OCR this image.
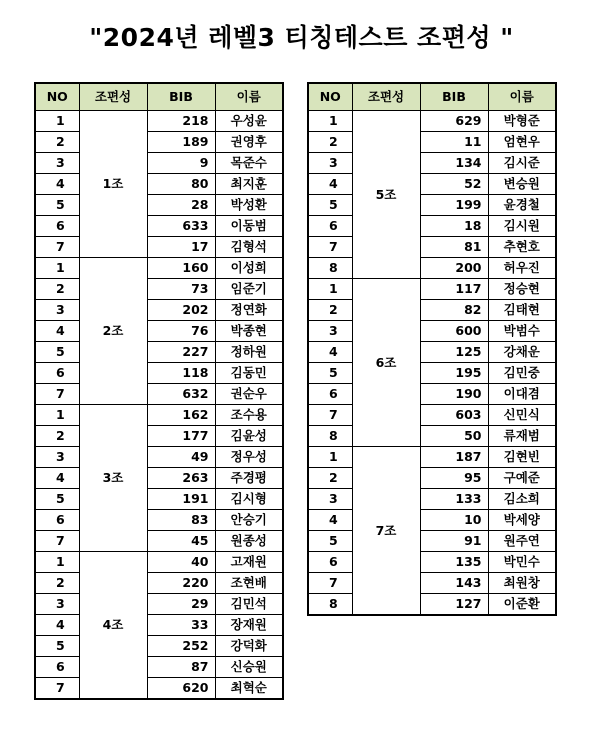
"2024년 레벨3 티칭테스트 조편성 "
NO	조편성	BIB	이름
1	1조	218	우성윤
2		189	권영후
3		9	목준수
4		80	최지훈
5		28	박성환
6		633	이동범
7		17	김형석
1	2조	160	이성희
2		73	임준기
3		202	정연화
4		76	박종현
5		227	정하원
6		118	김동민
7		632	권순우
1	3조	162	조수용
2		177	김윤성
3		49	정우성
4		263	주경평
5		191	김시형
6		83	안승기
7		45	원종성
1	4조	40	고재원
2		220	조현배
3		29	김민석
4		33	장재원
5		252	강덕화
6		87	신승원
7		620	최혁순
NO	조편성	BIB	이름
1	5조	629	박형준
2		11	엄현우
3		134	김시준
4		52	변승원
5		199	윤경철
6		18	김시원
7		81	추현호
8		200	허우진
1	6조	117	정승현
2		82	김태현
3		600	박범수
4		125	강채운
5		195	김민중
6		190	이대겸
7		603	신민식
8		50	류재범
1	7조	187	김현빈
2		95	구예준
3		133	김소희
4		10	박세양
5		91	원주연
6		135	박민수
7		143	최원창
8		127	이준환
